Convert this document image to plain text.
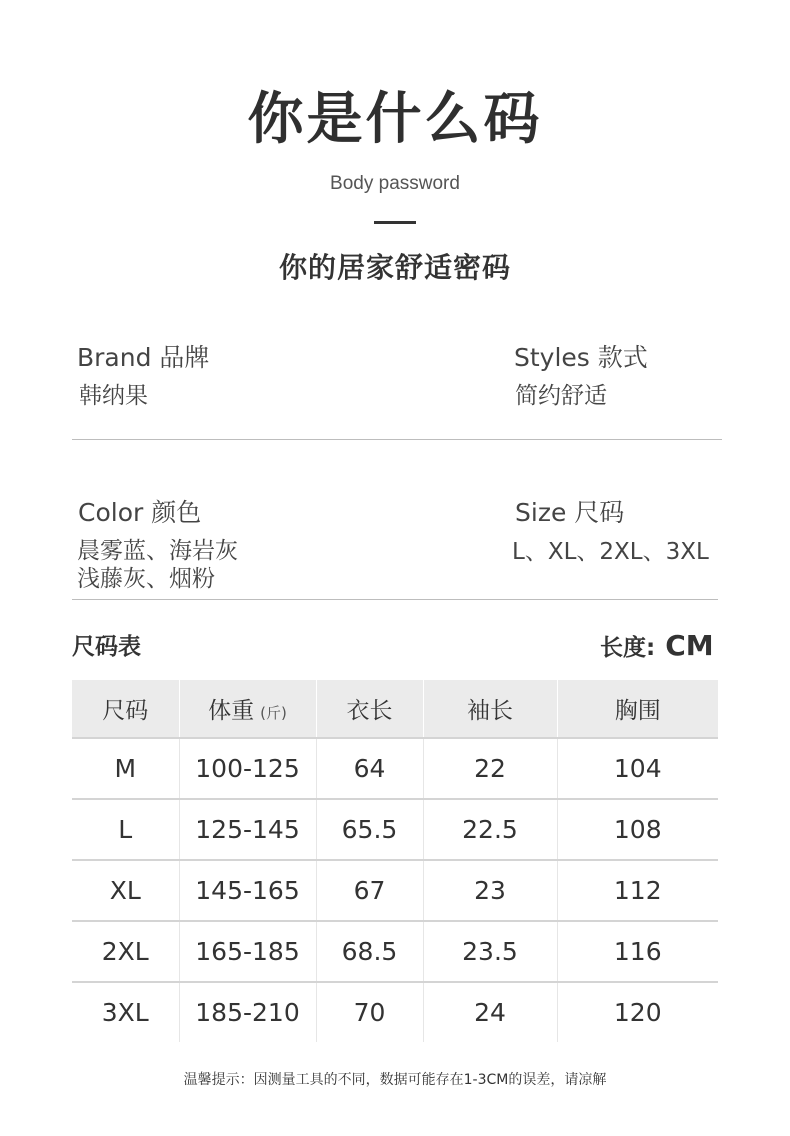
你是什么码
Body password
你的居家舒适密码
Brand 品牌
韩纳果
Styles 款式
简约舒适
Color 颜色
晨雾蓝、海岩灰
浅藤灰、烟粉
Size 尺码
L、XL、2XL、3XL
尺码表	长度: CM
尺码	体重 (斤)	衣长	袖长	胸围
M	100-125	64	22	104
L	125-145	65.5	22.5	108
XL	145-165	67	23	112
2XL	165-185	68.5	23.5	116
3XL	185-210	70	24	120
温馨提示：因测量工具的不同，数据可能存在1-3CM的误差，请凉解
